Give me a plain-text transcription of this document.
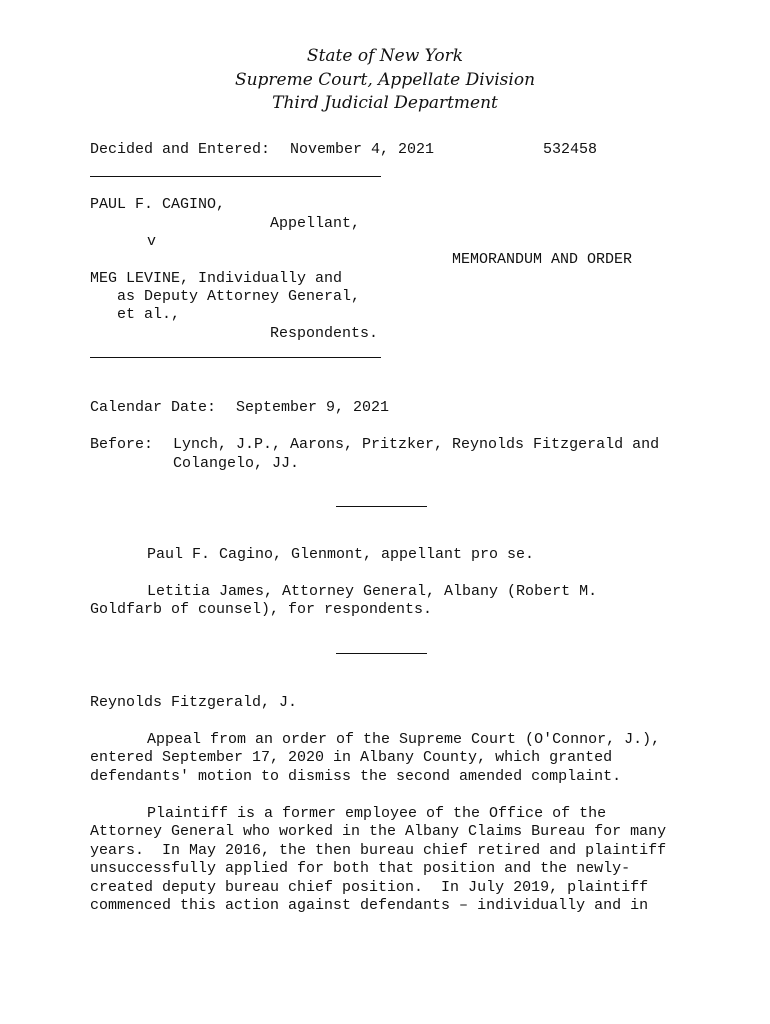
State of New York
Supreme Court, Appellate Division
Third Judicial Department
Decided and Entered: November 4, 2021	532458
PAUL F. CAGINO,
Appellant,
v
MEMORANDUM AND ORDER
MEG LEVINE, Individually and
as Deputy Attorney General,
et al.,
Respondents.
Calendar Date: September 9, 2021
Before: Lynch, J.P., Aarons, Pritzker, Reynolds Fitzgerald and
Colangelo, JJ.
Paul F. Cagino, Glenmont, appellant pro se.
Letitia James, Attorney General, Albany (Robert M.
Goldfarb of counsel), for respondents.
Reynolds Fitzgerald, J.
Appeal from an order of the Supreme Court (O'Connor, J.),
entered September 17, 2020 in Albany County, which granted
defendants' motion to dismiss the second amended complaint.
Plaintiff is a former employee of the Office of the
Attorney General who worked in the Albany Claims Bureau for many
years.  In May 2016, the then bureau chief retired and plaintiff
unsuccessfully applied for both that position and the newly-
created deputy bureau chief position.  In July 2019, plaintiff
commenced this action against defendants – individually and in
